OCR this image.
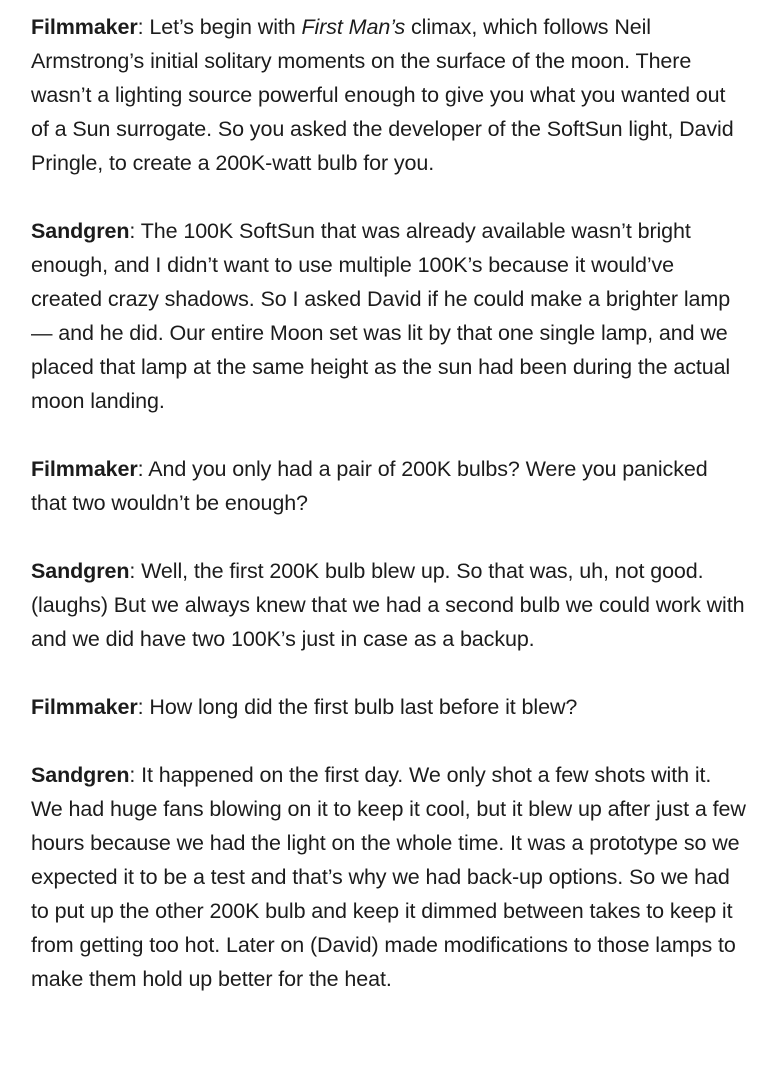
Filmmaker: Let’s begin with First Man’s climax, which follows Neil Armstrong’s initial solitary moments on the surface of the moon. There wasn’t a lighting source powerful enough to give you what you wanted out of a Sun surrogate. So you asked the developer of the SoftSun light, David Pringle, to create a 200K-watt bulb for you.

Sandgren: The 100K SoftSun that was already available wasn’t bright enough, and I didn’t want to use multiple 100K’s because it would’ve created crazy shadows. So I asked David if he could make a brighter lamp — and he did. Our entire Moon set was lit by that one single lamp, and we placed that lamp at the same height as the sun had been during the actual moon landing.

Filmmaker: And you only had a pair of 200K bulbs? Were you panicked that two wouldn’t be enough?

Sandgren: Well, the first 200K bulb blew up. So that was, uh, not good. (laughs) But we always knew that we had a second bulb we could work with and we did have two 100K’s just in case as a backup.

Filmmaker: How long did the first bulb last before it blew?

Sandgren: It happened on the first day. We only shot a few shots with it. We had huge fans blowing on it to keep it cool, but it blew up after just a few hours because we had the light on the whole time. It was a prototype so we expected it to be a test and that’s why we had back-up options. So we had to put up the other 200K bulb and keep it dimmed between takes to keep it from getting too hot. Later on (David) made modifications to those lamps to make them hold up better for the heat.
